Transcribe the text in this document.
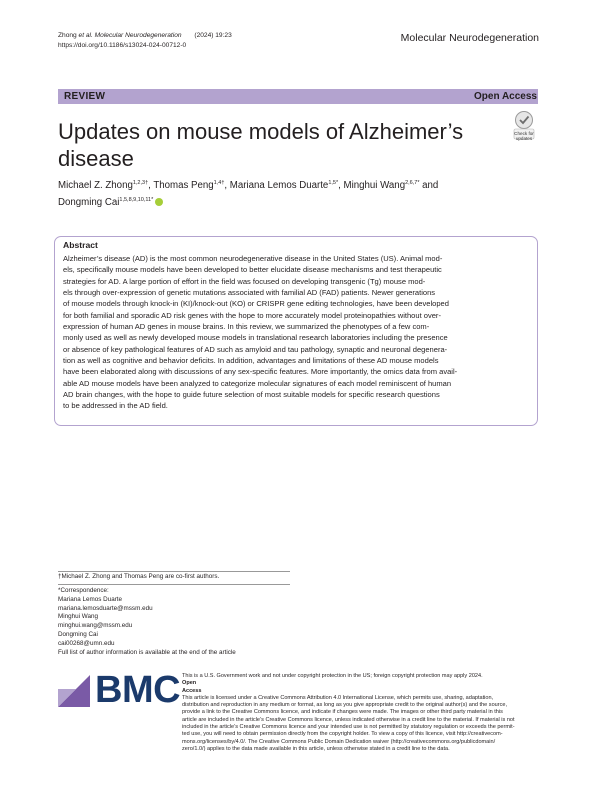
Zhong et al. Molecular Neurodegeneration (2024) 19:23
https://doi.org/10.1186/s13024-024-00712-0
Molecular Neurodegeneration
REVIEW	Open Access
Updates on mouse models of Alzheimer’s disease
Check for updates
Michael Z. Zhong$^{1,2,3\dagger}$, Thomas Peng$^{1,4\dagger}$, Mariana Lemos Duarte$^{1,5*}$, Minghui Wang$^{2,6,7*}$ and
Dongming Cai$^{1,5,8,9,10,11*}$
Abstract
Alzheimer’s disease (AD) is the most common neurodegenerative disease in the United States (US). Animal mod-
els, specifically mouse models have been developed to better elucidate disease mechanisms and test therapeutic
strategies for AD. A large portion of effort in the field was focused on developing transgenic (Tg) mouse mod-
els through over-expression of genetic mutations associated with familial AD (FAD) patients. Newer generations
of mouse models through knock-in (KI)/knock-out (KO) or CRISPR gene editing technologies, have been developed
for both familial and sporadic AD risk genes with the hope to more accurately model proteinopathies without over-
expression of human AD genes in mouse brains. In this review, we summarized the phenotypes of a few com-
monly used as well as newly developed mouse models in translational research laboratories including the presence
or absence of key pathological features of AD such as amyloid and tau pathology, synaptic and neuronal degenera-
tion as well as cognitive and behavior deficits. In addition, advantages and limitations of these AD mouse models
have been elaborated along with discussions of any sex-specific features. More importantly, the omics data from avail-
able AD mouse models have been analyzed to categorize molecular signatures of each model reminiscent of human
AD brain changes, with the hope to guide future selection of most suitable models for specific research questions
to be addressed in the AD field.
†Michael Z. Zhong and Thomas Peng are co-first authors.
*Correspondence:
Mariana Lemos Duarte
mariana.lemosduarte@mssm.edu
Minghui Wang
minghui.wang@mssm.edu
Dongming Cai
cai00268@umn.edu
Full list of author information is available at the end of the article
BMC This is a U.S. Government work and not under copyright protection in the US; foreign copyright protection may apply 2024.
Open
Access
This article is licensed under a Creative Commons Attribution 4.0 International License, which permits use, sharing, adaptation,
distribution and reproduction in any medium or format, as long as you give appropriate credit to the original author(s) and the source,
provide a link to the Creative Commons licence, and indicate if changes were made. The images or other third party material in this
article are included in the article’s Creative Commons licence, unless indicated otherwise in a credit line to the material. If material is not
included in the article’s Creative Commons licence and your intended use is not permitted by statutory regulation or exceeds the permit-
ted use, you will need to obtain permission directly from the copyright holder. To view a copy of this licence, visit http://creativecom-
mons.org/licenses/by/4.0/. The Creative Commons Public Domain Dedication waiver (http://creativecommons.org/publicdomain/
zero/1.0/) applies to the data made available in this article, unless otherwise stated in a credit line to the data.
